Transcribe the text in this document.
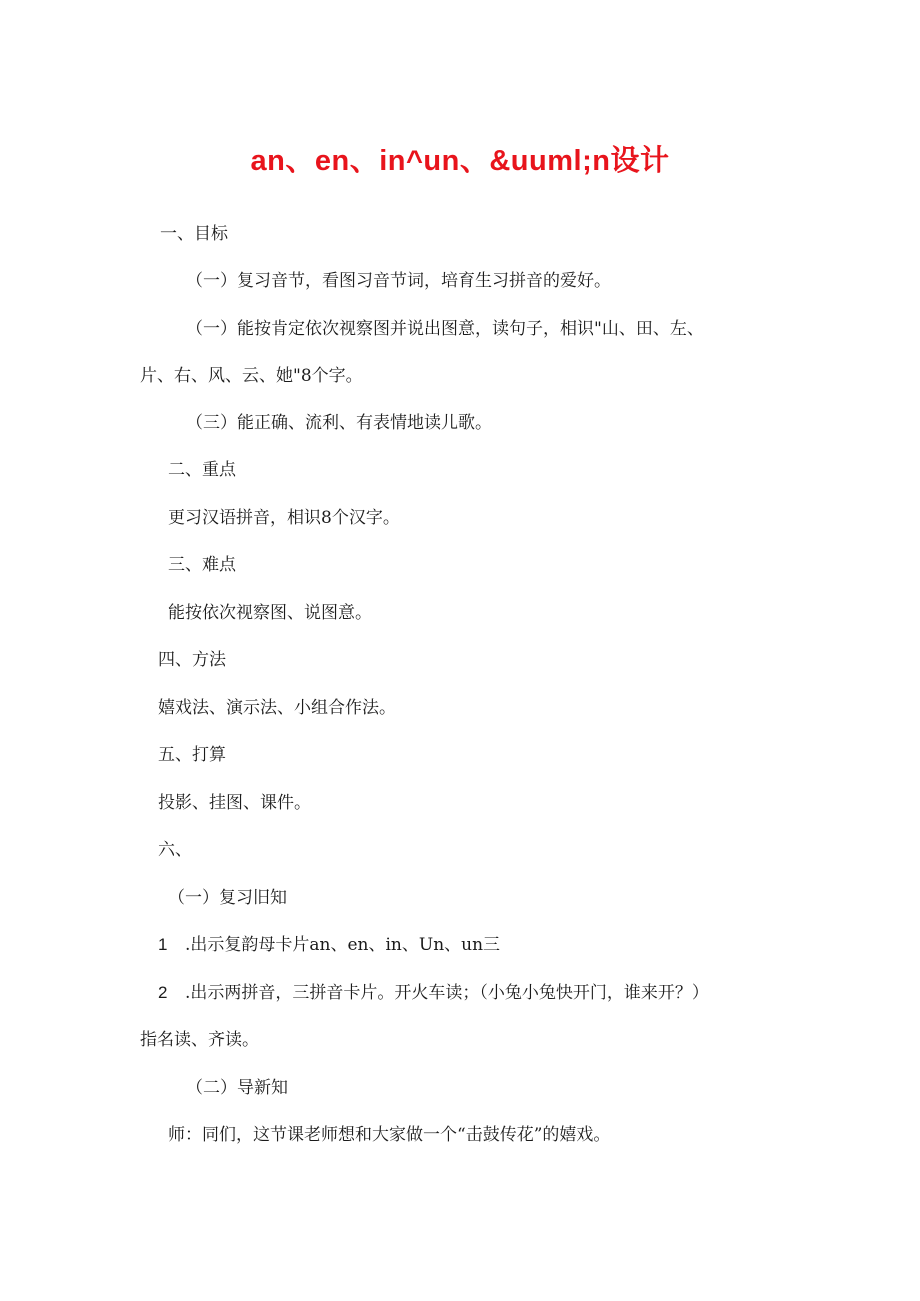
an、en、in^un、&uuml;n设计
一、目标
（一）复习音节，看图习音节词，培育生习拼音的爱好。
（一）能按肯定依次视察图并说出图意，读句子，相识"山、田、左、
片、右、风、云、她"8个字。
（三）能正确、流利、有表情地读儿歌。
二、重点
更习汉语拼音，相识8个汉字。
三、难点
能按依次视察图、说图意。
四、方法
嬉戏法、演示法、小组合作法。
五、打算
投影、挂图、课件。
六、
（一）复习旧知
1 .出示复韵母卡片an、en、in、Un、un三
2 .出示两拼音，三拼音卡片。开火车读；（小兔小兔快开门，谁来开？）
指名读、齐读。
（二）导新知
师：同们，这节课老师想和大家做一个“击鼓传花”的嬉戏。
